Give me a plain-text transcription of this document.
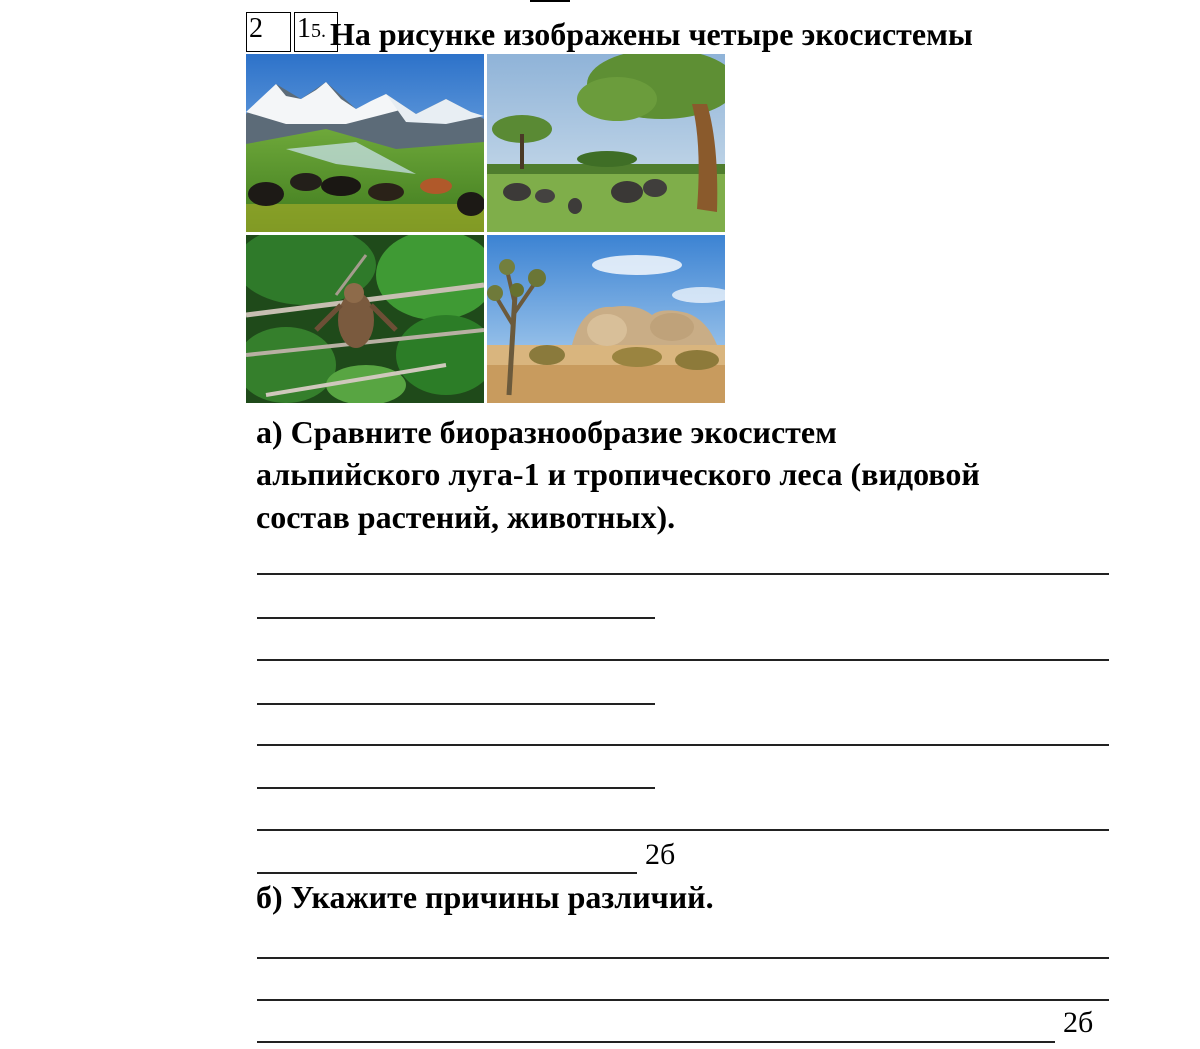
2	15. На рисунке изображены четыре экосистемы
а) Сравните биоразнообразие экосистем
альпийского луга-1 и тропического леса (видовой
состав растений, животных).
2б
б) Укажите причины различий.
2б
